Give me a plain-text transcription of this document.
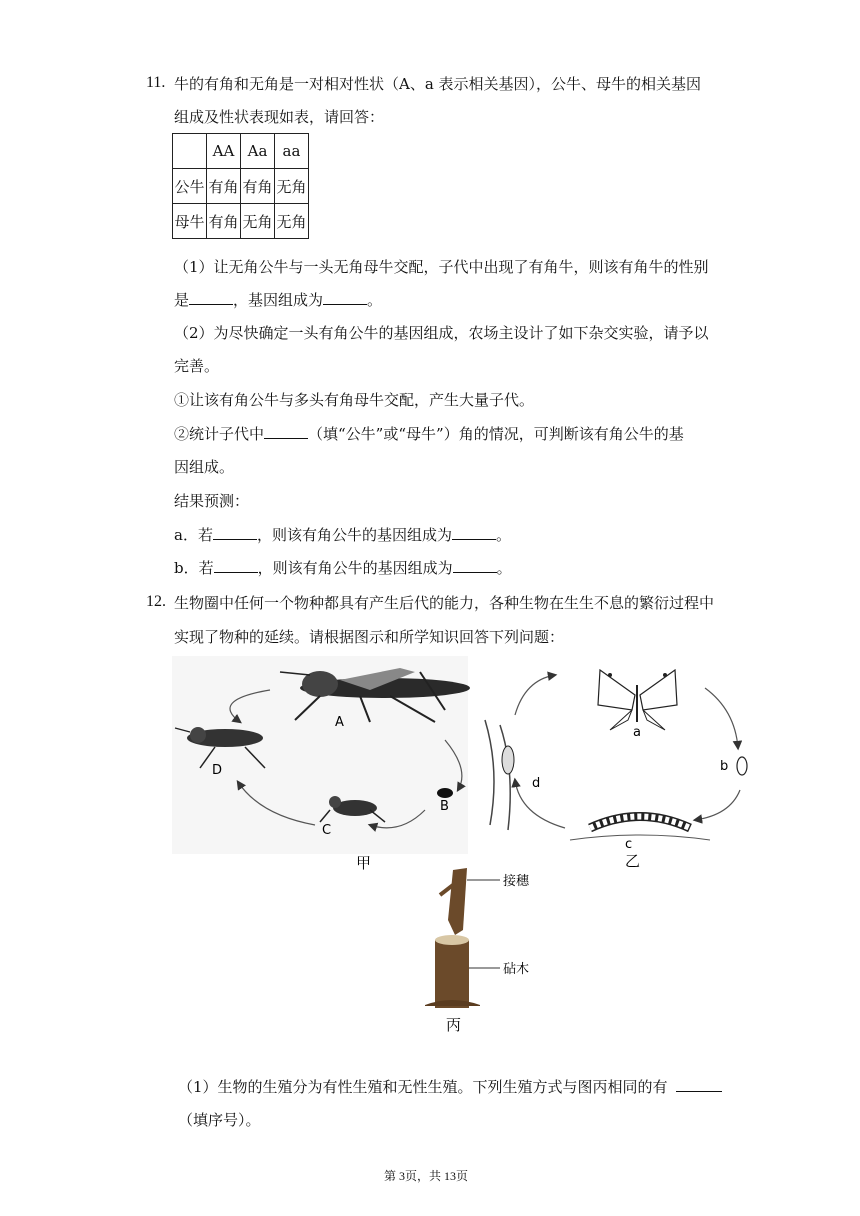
11. 牛的有角和无角是一对相对性状（A、a 表示相关基因），公牛、母牛的相关基因
组成及性状表现如表，请回答：
	AA	Aa	aa
公牛	有角	有角	无角
母牛	有角	无角	无角
（1）让无角公牛与一头无角母牛交配，子代中出现了有角牛，则该有角牛的性别
是	，基因组成为	。
（2）为尽快确定一头有角公牛的基因组成，农场主设计了如下杂交实验，请予以
完善。
①让该有角公牛与多头有角母牛交配，产生大量子代。
②统计子代中	（填“公牛”或“母牛”）角的情况，可判断该有角公牛的基
因组成。
结果预测：
a．若	，则该有角公牛的基因组成为	。
b．若	，则该有角公牛的基因组成为	。
12. 生物圈中任何一个物种都具有产生后代的能力，各种生物在生生不息的繁衍过程中
实现了物种的延续。请根据图示和所学知识回答下列问题：
A
B
C
D
甲
a
b
c
d
乙
接穗
砧木
丙
（1）生物的生殖分为有性生殖和无性生殖。下列生殖方式与图丙相同的有
（填序号）。
第 3页，共 13页
